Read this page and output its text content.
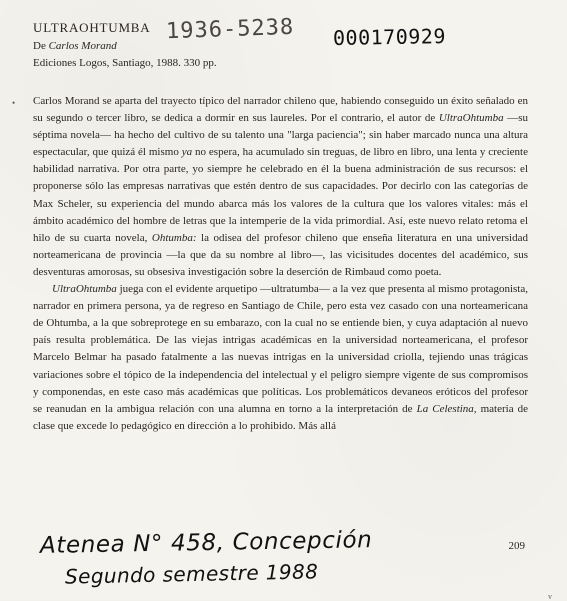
ULTRAOHTUMBA

De Carlos Morand

Ediciones Logos, Santiago, 1988. 330 pp.

1936-5238 000170929
• Carlos Morand se aparta del trayecto típico del narrador chileno que, habiendo conseguido un éxito señalado en su segundo o tercer libro, se dedica a dormir en sus laureles. Por el contrario, el autor de UltraOhtumba —su séptima novela— ha hecho del cultivo de su talento una "larga paciencia"; sin haber marcado nunca una altura espectacular, que quizá él mismo ya no espera, ha acumulado sin treguas, de libro en libro, una lenta y creciente habilidad narrativa. Por otra parte, yo siempre he celebrado en él la buena administración de sus recursos: el proponerse sólo las empresas narrativas que estén dentro de sus capacidades. Por decirlo con las categorías de Max Scheler, su experiencia del mundo abarca más los valores de la cultura que los valores vitales: más el ámbito académico del hombre de letras que la intemperie de la vida primordial. Así, este nuevo relato retoma el hilo de su cuarta novela, Ohtumba: la odisea del profesor chileno que enseña literatura en una universidad norteamericana de provincia —la que da su nombre al libro—, las vicisitudes docentes del académico, sus desventuras amorosas, su obsesiva investigación sobre la deserción de Rimbaud como poeta.

UltraOhtumba juega con el evidente arquetipo —ultratumba— a la vez que presenta al mismo protagonista, narrador en primera persona, ya de regreso en Santiago de Chile, pero esta vez casado con una norteamericana de Ohtumba, a la que sobreprotege en su embarazo, con la cual no se entiende bien, y cuya adaptación al nuevo país resulta problemática. De las viejas intrigas académicas en la universidad norteamericana, el profesor Marcelo Belmar ha pasado fatalmente a las nuevas intrigas en la universidad criolla, tejiendo unas trágicas variaciones sobre el tópico de la independencia del intelectual y el peligro siempre vigente de sus compromisos y componendas, en este caso más académicas que políticas. Los problemáticos devaneos eróticos del profesor se reanudan en la ambigua relación con una alumna en torno a la interpretación de La Celestina, materia de clase que excede lo pedagógico en dirección a lo prohibido. Más allá

209
Atenea N° 458, Concepción
Segundo semestre 1988
v
